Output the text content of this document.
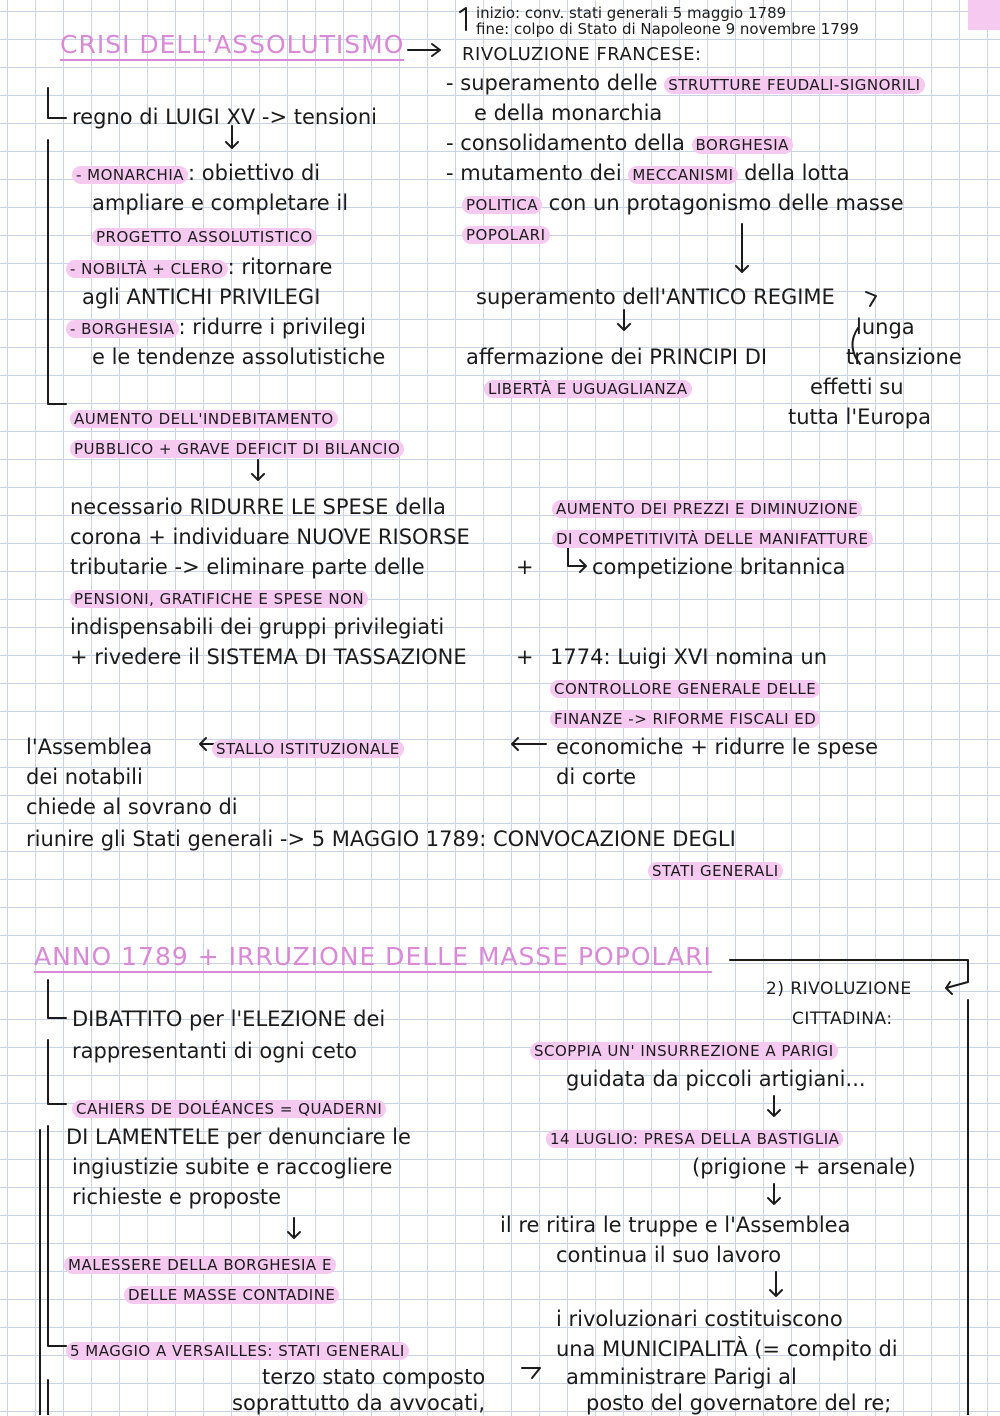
CRISI DELL'ASSOLUTISMO

inizio: conv. stati generali 5 maggio 1789

fine: colpo di Stato di Napoleone 9 novembre 1799

RIVOLUZIONE FRANCESE:

- superamento delle STRUTTURE FEUDALI-SIGNORILI

e della monarchia

- consolidamento della BORGHESIA

- mutamento dei MECCANISMI della lotta

POLITICA con un protagonismo delle masse

POPOLARI

superamento dell'ANTICO REGIME

affermazione dei PRINCIPI DI

LIBERTÀ E UGUAGLIANZA

lunga

transizione

effetti su

tutta l'Europa

regno di LUIGI XV -> tensioni

- MONARCHIA : obiettivo di

ampliare e completare il

PROGETTO ASSOLUTISTICO

- NOBILTÀ + CLERO : ritornare

agli ANTICHI PRIVILEGI

- BORGHESIA : ridurre i privilegi

e le tendenze assolutistiche

AUMENTO DELL'INDEBITAMENTO

PUBBLICO + GRAVE DEFICIT DI BILANCIO

necessario RIDURRE LE SPESE della

corona + individuare NUOVE RISORSE

tributarie -> eliminare parte delle

PENSIONI, GRATIFICHE E SPESE NON

indispensabili dei gruppi privilegiati

+ rivedere il SISTEMA DI TASSAZIONE

+

AUMENTO DEI PREZZI E DIMINUZIONE

DI COMPETITIVITÀ DELLE MANIFATTURE

competizione britannica

+ 1774: Luigi XVI nomina un

CONTROLLORE GENERALE DELLE

FINANZE -> RIFORME FISCALI ED

economiche + ridurre le spese

di corte

l'Assemblea	STALLO ISTITUZIONALE

dei notabili

chiede al sovrano di

riunire gli Stati generali -> 5 MAGGIO 1789: CONVOCAZIONE DEGLI

STATI GENERALI

ANNO 1789 + IRRUZIONE DELLE MASSE POPOLARI

2) RIVOLUZIONE

CITTADINA:

DIBATTITO per l'ELEZIONE dei

rappresentanti di ogni ceto

CAHIERS DE DOLÉANCES = QUADERNI

DI LAMENTELE per denunciare le

ingiustizie subite e raccogliere

richieste e proposte

MALESSERE DELLA BORGHESIA E

DELLE MASSE CONTADINE

5 MAGGIO A VERSAILLES: STATI GENERALI

terzo stato composto

soprattutto da avvocati,

SCOPPIA UN' INSURREZIONE A PARIGI

guidata da piccoli artigiani...

14 LUGLIO: PRESA DELLA BASTIGLIA

(prigione + arsenale)

il re ritira le truppe e l'Assemblea

continua il suo lavoro

i rivoluzionari costituiscono

una MUNICIPALITÀ (= compito di

amministrare Parigi al

posto del governatore del re;
